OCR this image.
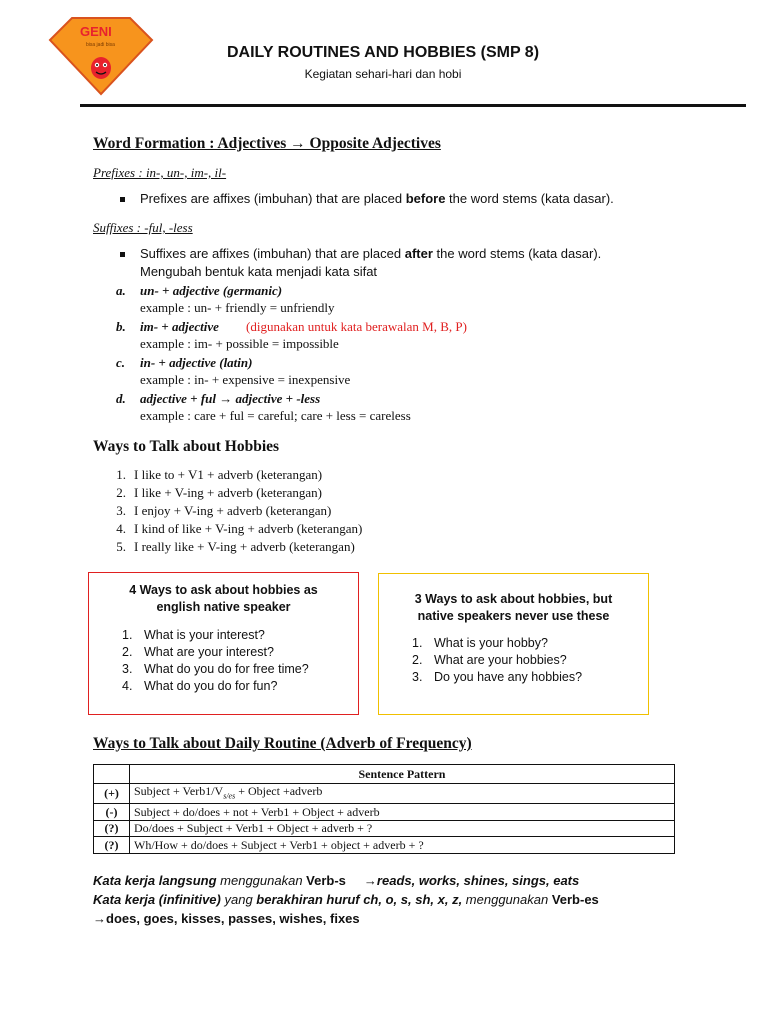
GENI
bisa jadi bisa	DAILY ROUTINES AND HOBBIES (SMP 8)
Kegiatan sehari-hari dan hobi
Word Formation : Adjectives → Opposite Adjectives
Prefixes : in-, un-, im-, il-
Prefixes are affixes (imbuhan) that are placed before the word stems (kata dasar).
Suffixes : -ful, -less
Suffixes are affixes (imbuhan) that are placed after the word stems (kata dasar).
Mengubah bentuk kata menjadi kata sifat
a. un- + adjective (germanic)
example : un- + friendly = unfriendly
b. im- + adjective (digunakan untuk kata berawalan M, B, P)
example : im- + possible = impossible
c. in- + adjective (latin)
example : in- + expensive = inexpensive
d. adjective + ful → adjective + -less
example : care + ful = careful; care + less = careless
Ways to Talk about Hobbies
1. I like to + V1 + adverb (keterangan)
2. I like + V-ing + adverb (keterangan)
3. I enjoy + V-ing + adverb (keterangan)
4. I kind of like + V-ing + adverb (keterangan)
5. I really like + V-ing + adverb (keterangan)
4 Ways to ask about hobbies as
english native speaker
1. What is your interest?
2. What are your interest?
3. What do you do for free time?
4. What do you do for fun?
3 Ways to ask about hobbies, but
native speakers never use these
1. What is your hobby?
2. What are your hobbies?
3. Do you have any hobbies?
Ways to Talk about Daily Routine (Adverb of Frequency)
	Sentence Pattern
(+)	Subject + $Verb1/V_{s/es}$ + Object +adverb
(-)	Subject + do/does + not + Verb1 + Object + adverb
(?)	Do/does + Subject + Verb1 + Object + adverb + ?
(?)	Wh/How + do/does + Subject + Verb1 + object + adverb + ?
Kata kerja langsung menggunakan Verb-s →reads, works, shines, sings, eats
Kata kerja (infinitive) yang berakhiran huruf ch, o, s, sh, x, z, menggunakan Verb-es
→does, goes, kisses, passes, wishes, fixes
